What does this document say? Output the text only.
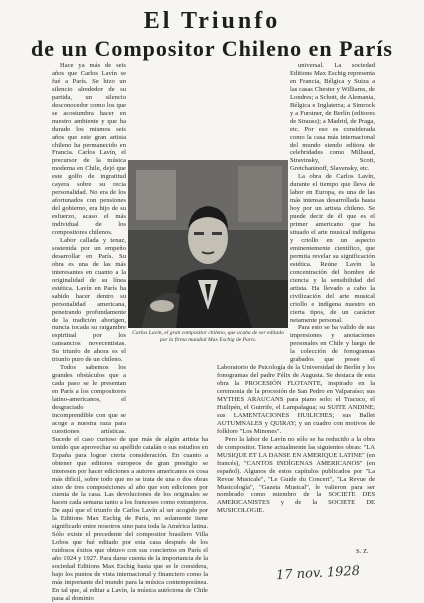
El Triunfo
de un Compositor Chileno en París

Hace ya más de seis años que Carlos Lavín se fué a París. Se hizo un silencio alrededor de su partida, un silencio desconocedor como los que se acostumbra hacer en nuestro ambiente y que ha durado los mismos seis años que este gran artista chileno ha permanecido en Francia. Carlos Lavín, el precursor de la música moderna en Chile, dejó que este golfo de ingratitud cayera sobre su recia personalidad. No era de los afortunados con pensiones del gobierno, era hijo de su esfuerzo, acaso el más individual de los compositores chilenos.

Labor callada y tenaz, sostenida por un empeño desarrollar en París. Su obra es una de las más interesantes en cuanto a la originalidad de su línea estética. Lavín en París ha sabido hacer dentro su personalidad americana, penetrando profundamente de la tradición aborigen, nuncia tocada su raigambre espiritual por los cansancios novecentistas. Su triunfo de ahora es el triunfo puro de un chileno.

Todos sabemos los grandes obstáculos que a cada paso se le presentan en París a los compositores latino-americanos, el desgraciado incomprendible con que se acoge a nuestra raza para cuestiones artísticas. Sucede el caso curioso de que más de algún artista ha tenido que aprovechar su apellido catalán o sus estudios en España para lograr cierta consideración. En cuanto a obtener que editores europeos de gran prestigio se interesen por hacer ediciones a autores americanos es cosa más difícil, sobre todo que no se trata de una o dos obras sino de tres composiciones al año que son ediciones por cuenta de la casa. Las devoluciones de los originales se hacen cada semana tanto a los franceses como extranjeros. De aquí que el triunfo de Carlos Lavín al ser acogido por la Editions Max Eschig de París, no solamente tiene significado entre nosotros sino para toda la América latina. Sólo existe el precedente del compositor brasilero Villa Lobos que fué editado por esta casa después de los ruidosos éxitos que obtuvo con sus conciertos en París el año 1924 y 1927. Para darse cuenta de la importancia de la sociedad Editions Max Eschig basta que se le considera, bajo los puntos de vista internacional y financiero como la más importante del mundo para la música contemporánea. En tal que, al editar a Lavín, la música autóctona de Chile pasa al dominio

universal. La sociedad Editions Max Eschig representa en Francia, Bélgica y Suiza a las casas Chester y Williams, de Londres; a Schott, de Alemania, Bélgica e Inglaterra; a Simrock y a Furstner, de Berlín (editores de Strauss); a Madrid, de Praga, etc. Por eso es considerada como la casa más internacional del mundo siendo editora de celebridades como Milhaud, Stravinsky, Scott, Gretchaninoff, Slavensky, etc.

La obra de Carlos Lavín, durante el tiempo que lleva de labor en Europa, es una de las más intensas desarrollada hasta hoy por un artista chileno. Se puede decir de él que es el primer americano que ha situado el arte musical indígena y criollo en un aspecto eminentemente científico, que permita revelar su significación estética. Reúne Lavín la concentración del hombre de ciencia y la sensibilidad del artista. Ha llevado a cabo la civilización del arte musical criollo e indígena nuestro en cierta tipos, de un carácter netamente personal.

Para esto se ha valido de sus impresiones y anotaciones personales en Chile y luego de la colección de fonogramas grabados que posee el Laboratorio de Psicología de la Universidad de Berlín y los fonogramas del padre Félix de Augusta. Se destaca de esta obra la PROCESIÓN FLOTANTE, inspirado en la ceremonia de la procesión de San Pedro en Valparaíso; sus MYTHES ARAUCANS para piano solo: el Tracuco, el Huilipén, el Guirrife, el Lampalagua; su SUITE ANDINE; sus LAMENTACIONES HUILICHES; sus Ballet AUTUMNALES y QUIRAY; y un cuadro con motivos de folklore "Los Minones".

Pero la labor de Lavín no sólo se ha reducido a la obra de compositor. Tiene actualmente las siguientes obras: "LA MUSIQUE ET LA DANSE EN AMERIQUE LATINE" (en francés), "CANTOS INDÍGENAS AMERICANOS" (en español). Algunos de estos capítulos publicados por "La Revue Musicale", "Le Guide du Concert", "La Revue de Musicología", "Gazeta Musical", le valieron para ser nombrado como miembro de la SOCIETE DES AMERICANISTES y de la SOCIETE DE MUSICOLOGIE.

Carlos Lavín, el gran compositor chileno, que acaba de ser editado por la firma mundial Max Eschig de París.
S. Z.
17 nov. 1928
